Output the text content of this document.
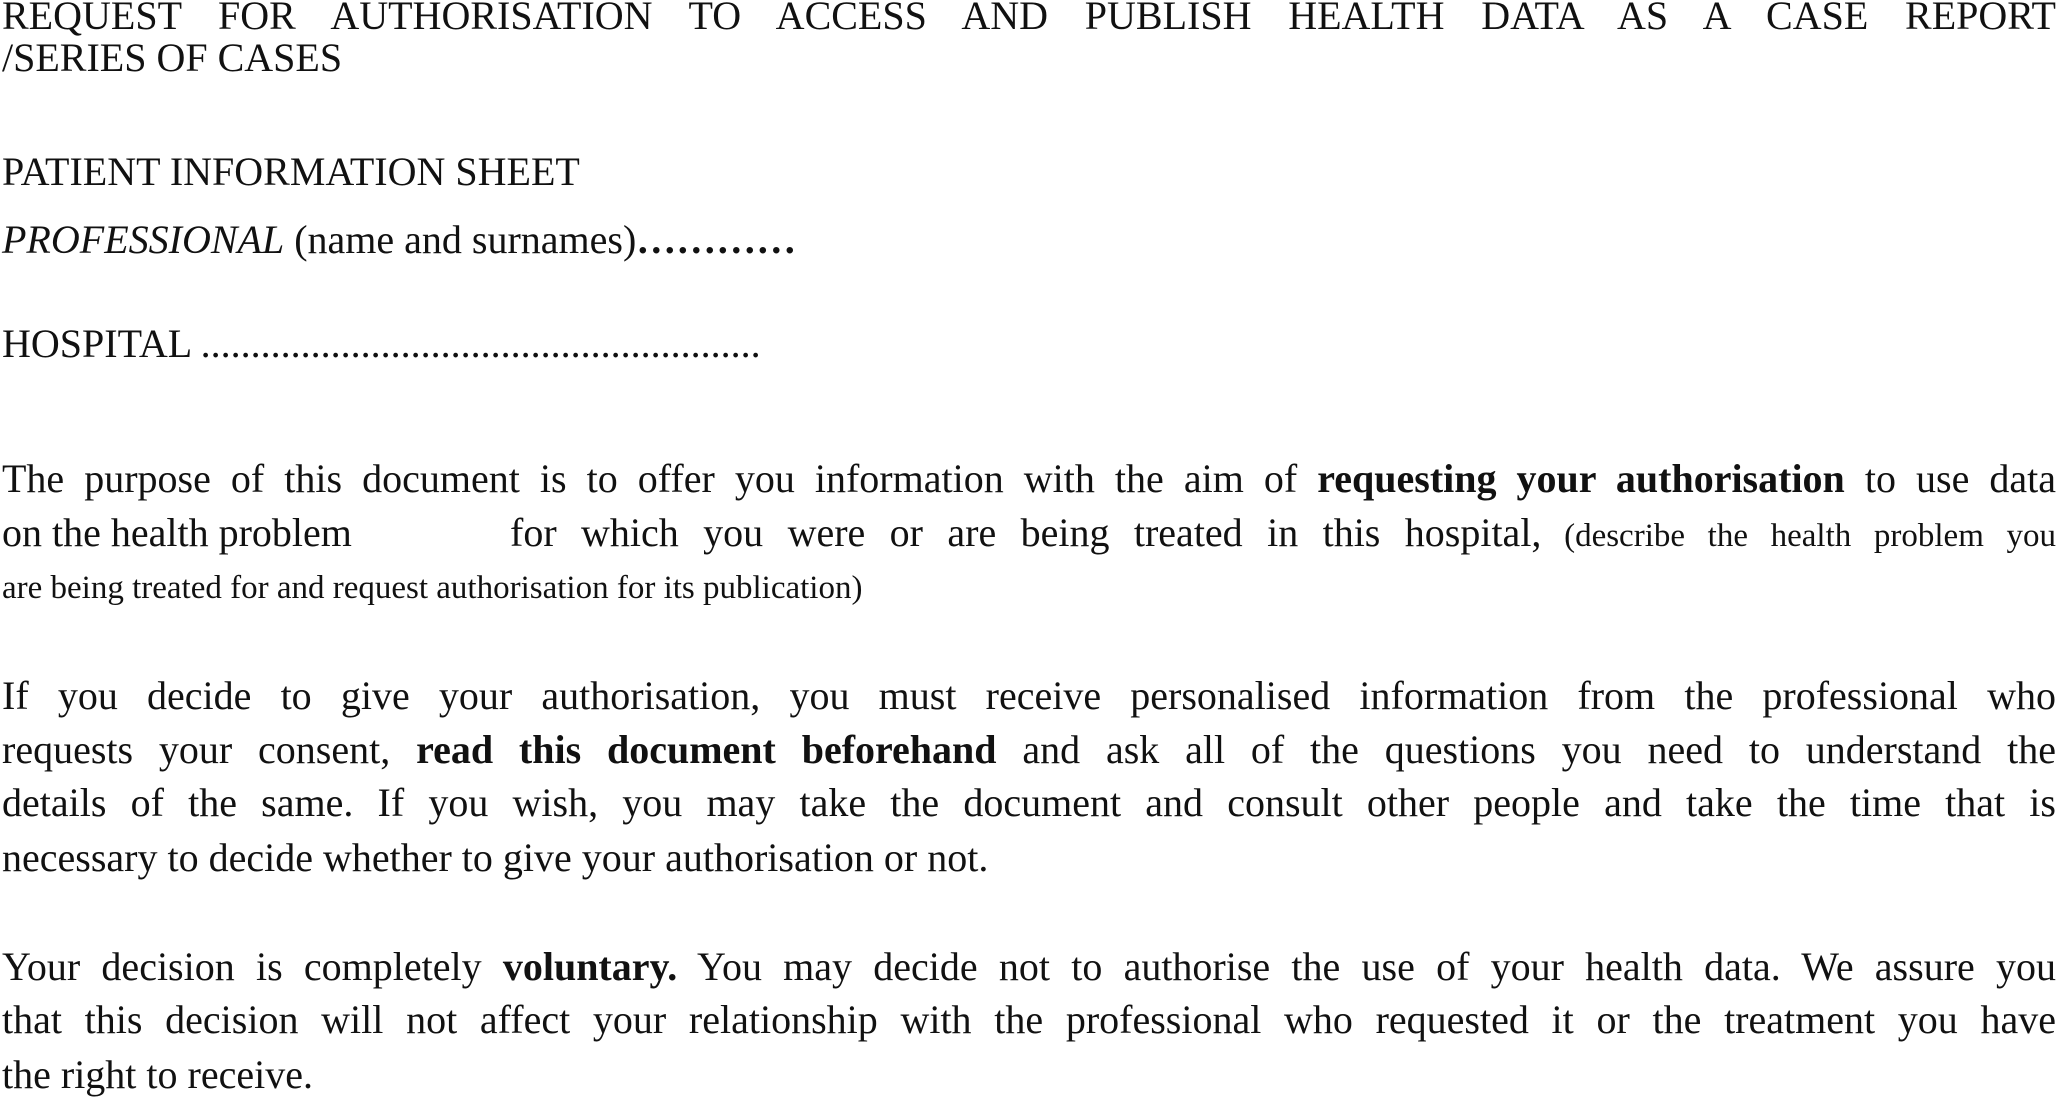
REQUEST FOR AUTHORISATION TO ACCESS AND PUBLISH HEALTH DATA AS A CASE REPORT
/SERIES OF CASES
PATIENT INFORMATION SHEET
PROFESSIONAL (name and surnames)…………
HOSPITAL ........................................................
The purpose of this document is to offer you information with the aim of requesting your authorisation to use data
on the health problem	for which you were or are being treated in this hospital, (describe the health problem you
are being treated for and request authorisation for its publication)
If you decide to give your authorisation, you must receive personalised information from the professional who
requests your consent, read this document beforehand and ask all of the questions you need to understand the
details of the same. If you wish, you may take the document and consult other people and take the time that is
necessary to decide whether to give your authorisation or not.
Your decision is completely voluntary. You may decide not to authorise the use of your health data. We assure you
that this decision will not affect your relationship with the professional who requested it or the treatment you have
the right to receive.
